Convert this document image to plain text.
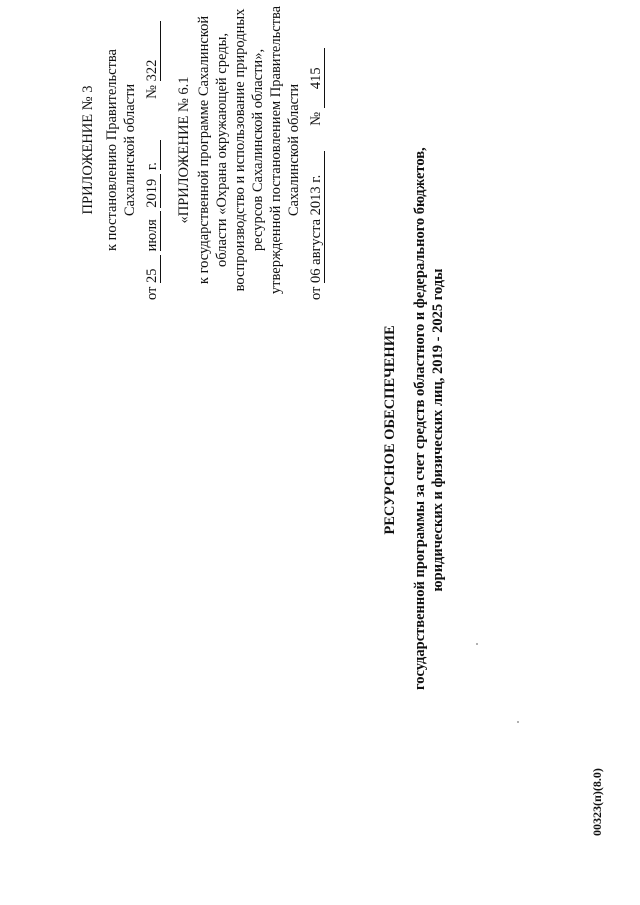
ПРИЛОЖЕНИЕ № 3 к постановлению Правительства Сахалинской области
от 25 июля 2019 г.  № 322
«ПРИЛОЖЕНИЕ № 6.1 к государственной программе Сахалинской области «Охрана окружающей среды, воспроизводство и использование природных ресурсов Сахалинской области», утвержденной постановлением Правительства Сахалинской области
от 06 августа 2013 г.  № 415
РЕСУРСНОЕ ОБЕСПЕЧЕНИЕ государственной программы за счет средств областного и федерального бюджетов, юридических и физических лиц, 2019 - 2025 годы
00323(п)(8.0)
